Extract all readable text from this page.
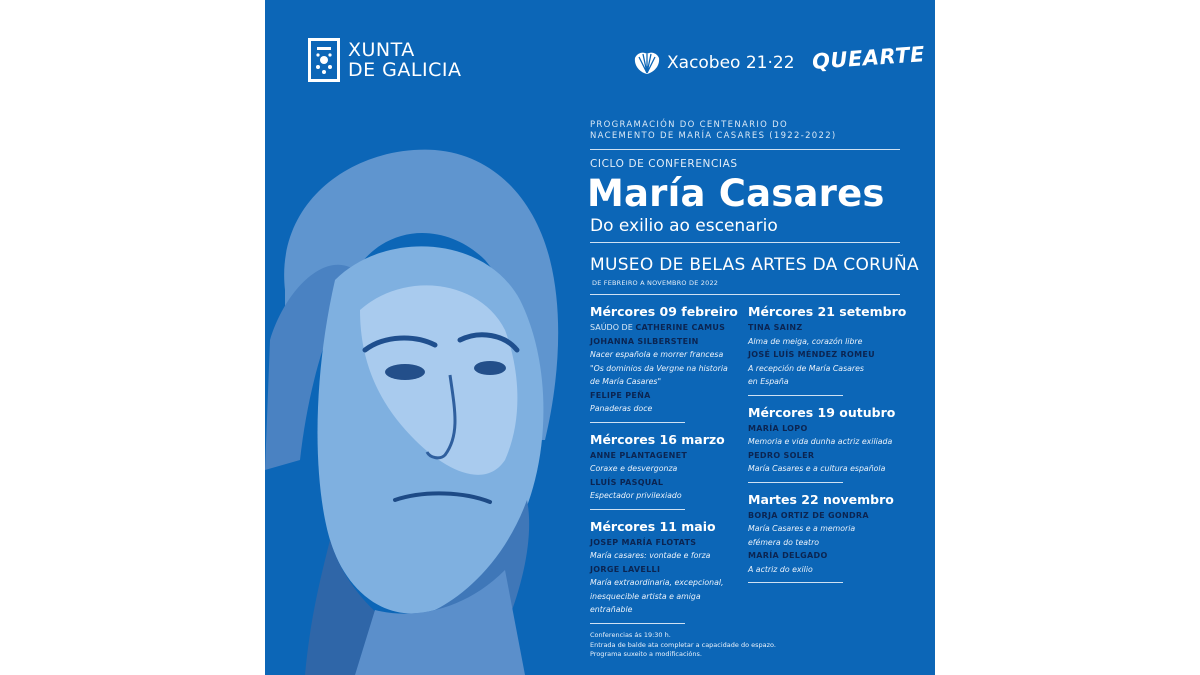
XUNTA
DE GALICIA	Xacobeo 21·22 QUEARTE
PROGRAMACIÓN DO CENTENARIO DO
NACEMENTO DE MARÍA CASARES (1922-2022)
CICLO DE CONFERENCIAS
María Casares
Do exilio ao escenario
MUSEO DE BELAS ARTES DA CORUÑA
DE FEBREIRO A NOVEMBRO DE 2022
Mércores 09 febreiro
SAÚDO DE CATHERINE CAMUS
JOHANNA SILBERSTEIN
Nacer española e morrer francesa
"Os dominios da Vergne na historia
de María Casares"
FELIPE PEÑA
Panaderas doce
Mércores 16 marzo
ANNE PLANTAGENET
Coraxe e desvergonza
LLUÍS PASQUAL
Espectador privilexiado
Mércores 11 maio
JOSEP MARÍA FLOTATS
María casares: vontade e forza
JORGE LAVELLI
María extraordinaria, excepcional,
inesquecible artista e amiga
entrañable
Mércores 21 setembro
TINA SAINZ
Alma de meiga, corazón libre
JOSÉ LUÍS MÉNDEZ ROMEU
A recepción de María Casares
en España
Mércores 19 outubro
MARÍA LOPO
Memoria e vida dunha actriz exiliada
PEDRO SOLER
María Casares e a cultura española
Martes 22 novembro
BORJA ORTIZ DE GONDRA
María Casares e a memoria
efémera do teatro
MARÍA DELGADO
A actriz do exilio
Conferencias ás 19:30 h.
Entrada de balde ata completar a capacidade do espazo.
Programa suxeito a modificacións.
